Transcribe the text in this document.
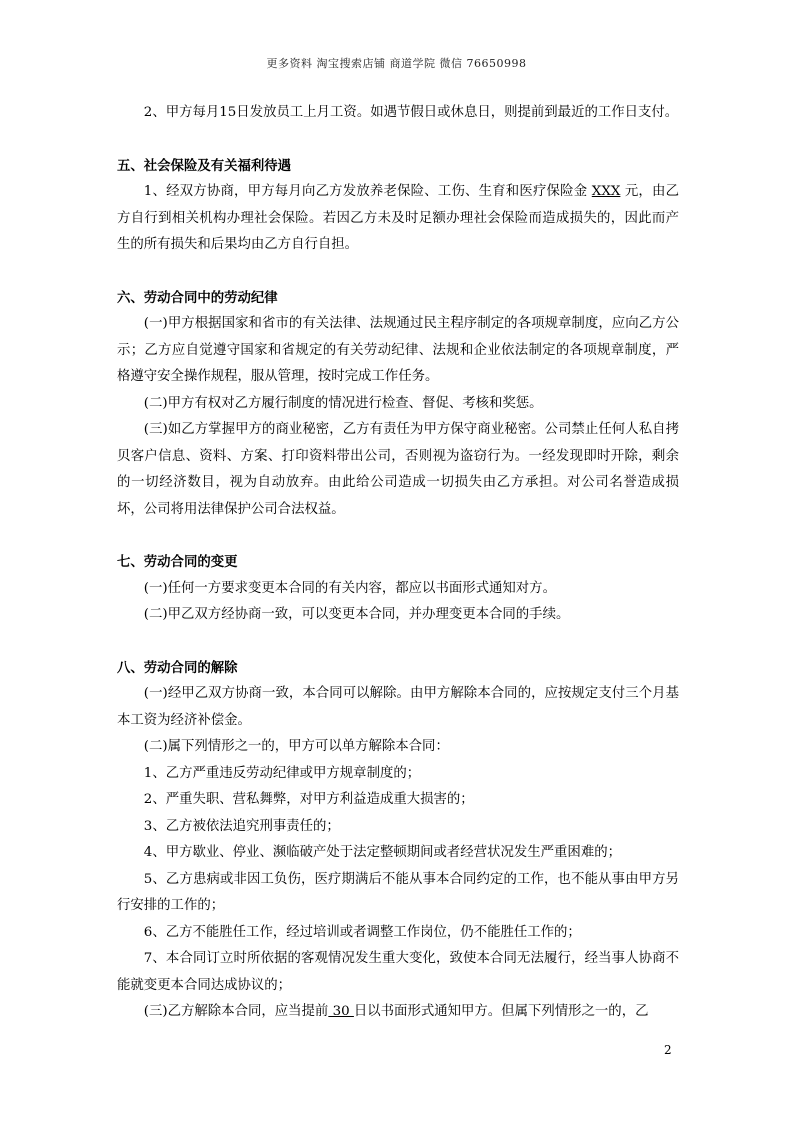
更多资料 淘宝搜索店铺 商道学院 微信 76650998

2、甲方每月15日发放员工上月工资。如遇节假日或休息日，则提前到最近的工作日支付。

五、社会保险及有关福利待遇

1、经双方协商，甲方每月向乙方发放养老保险、工伤、生育和医疗保险金 XXX 元，由乙方自行到相关机构办理社会保险。若因乙方未及时足额办理社会保险而造成损失的，因此而产生的所有损失和后果均由乙方自行自担。

六、劳动合同中的劳动纪律

(一)甲方根据国家和省市的有关法律、法规通过民主程序制定的各项规章制度，应向乙方公示；乙方应自觉遵守国家和省规定的有关劳动纪律、法规和企业依法制定的各项规章制度，严格遵守安全操作规程，服从管理，按时完成工作任务。

(二)甲方有权对乙方履行制度的情况进行检查、督促、考核和奖惩。

(三)如乙方掌握甲方的商业秘密，乙方有责任为甲方保守商业秘密。公司禁止任何人私自拷贝客户信息、资料、方案、打印资料带出公司，否则视为盗窃行为。一经发现即时开除，剩余的一切经济数目，视为自动放弃。由此给公司造成一切损失由乙方承担。对公司名誉造成损坏，公司将用法律保护公司合法权益。

七、劳动合同的变更

(一)任何一方要求变更本合同的有关内容，都应以书面形式通知对方。

(二)甲乙双方经协商一致，可以变更本合同，并办理变更本合同的手续。

八、劳动合同的解除

(一)经甲乙双方协商一致，本合同可以解除。由甲方解除本合同的，应按规定支付三个月基本工资为经济补偿金。

(二)属下列情形之一的，甲方可以单方解除本合同：

1、乙方严重违反劳动纪律或甲方规章制度的；

2、严重失职、营私舞弊，对甲方利益造成重大损害的；

3、乙方被依法追究刑事责任的；

4、甲方歇业、停业、濒临破产处于法定整顿期间或者经营状况发生严重困难的；

5、乙方患病或非因工负伤，医疗期满后不能从事本合同约定的工作，也不能从事由甲方另行安排的工作的；

6、乙方不能胜任工作，经过培训或者调整工作岗位，仍不能胜任工作的；

7、本合同订立时所依据的客观情况发生重大变化，致使本合同无法履行，经当事人协商不能就变更本合同达成协议的；

(三)乙方解除本合同，应当提前 30 日以书面形式通知甲方。但属下列情形之一的，乙

2
